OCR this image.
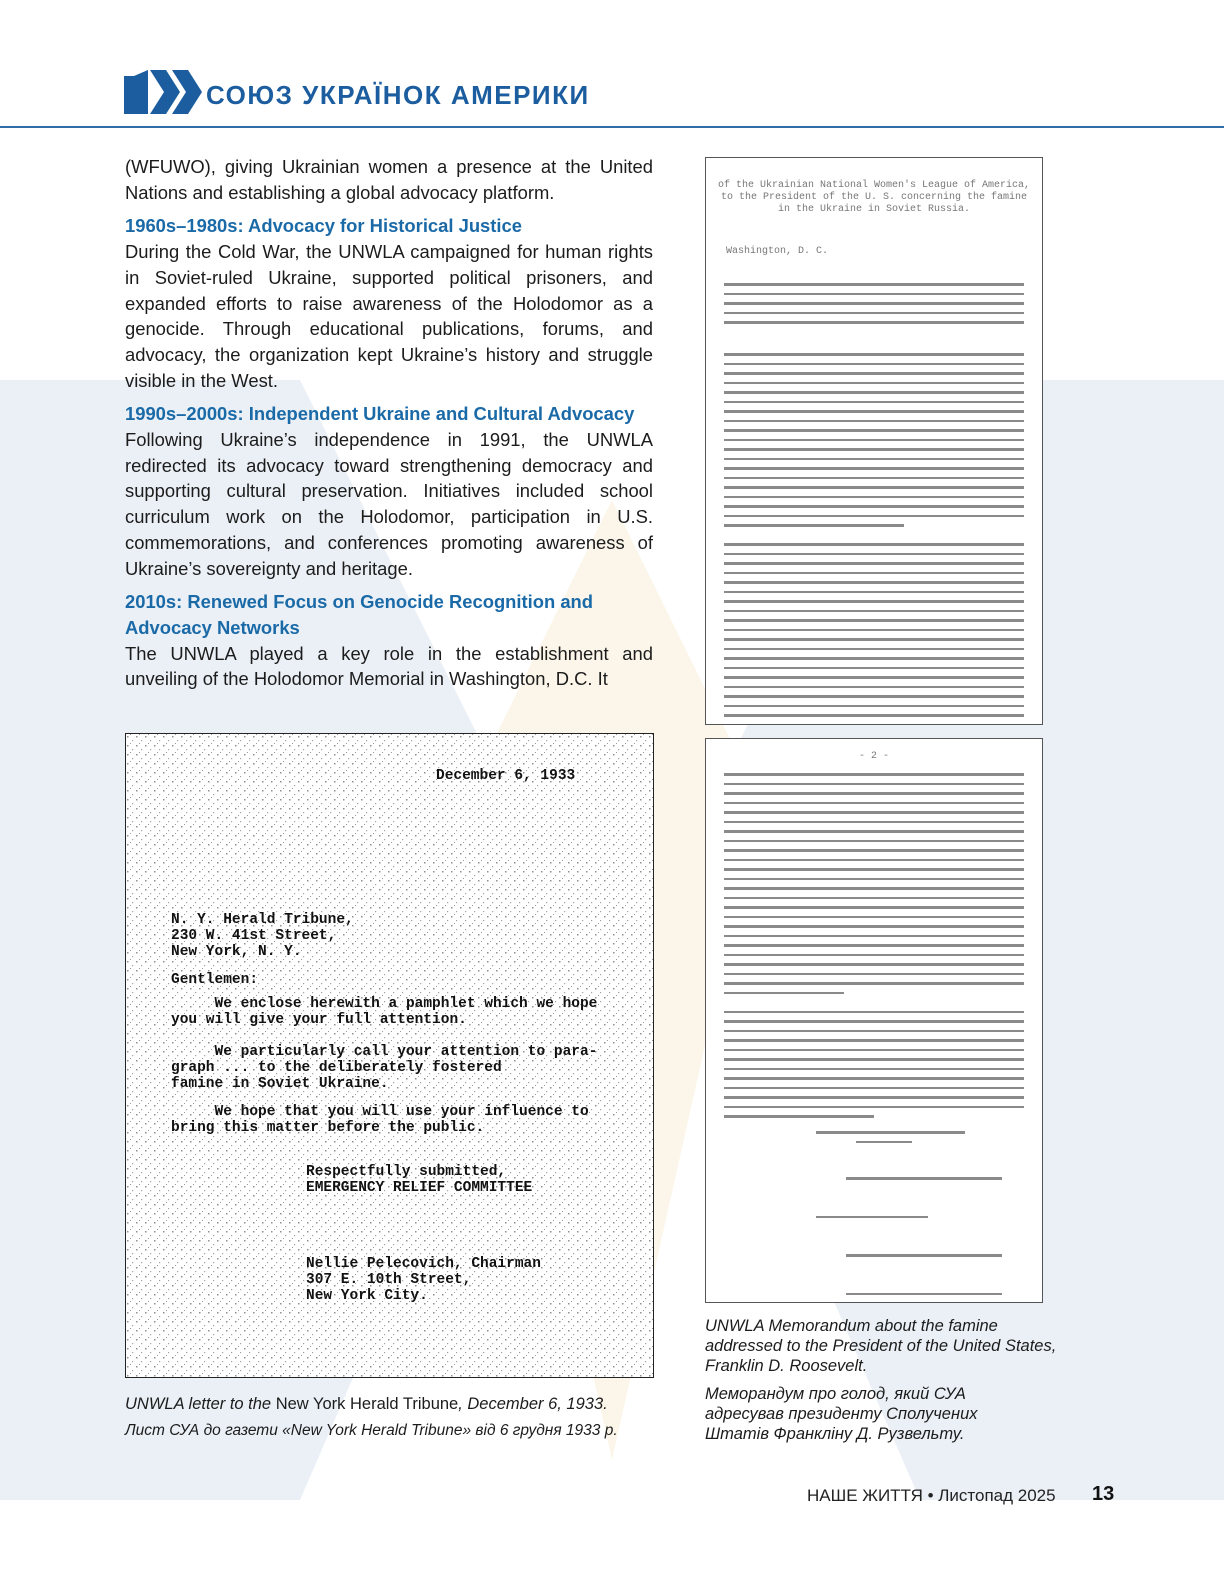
СОЮЗ УКРАЇНОК АМЕРИКИ

(WFUWO), giving Ukrainian women a presence at the United Nations and establishing a global advocacy platform.

1960s–1980s: Advocacy for Historical Justice

During the Cold War, the UNWLA campaigned for human rights in Soviet-ruled Ukraine, supported political prisoners, and expanded efforts to raise awareness of the Holodomor as a genocide. Through educational publications, forums, and advocacy, the organization kept Ukraine’s history and struggle visible in the West.

1990s–2000s: Independent Ukraine and Cultural Advocacy

Following Ukraine’s independence in 1991, the UNWLA redirected its advocacy toward strengthening democracy and supporting cultural preservation. Initiatives included school curriculum work on the Holodomor, participation in U.S. commemorations, and conferences promoting awareness of Ukraine’s sovereignty and heritage.

2010s: Renewed Focus on Genocide Recognition and Advocacy Networks

The UNWLA played a key role in the establishment and unveiling of the Holodomor Memorial in Washington, D.C. It

of the Ukrainian National Women's League of America,
to the President of the U. S. concerning the famine
in the Ukraine in Soviet Russia.
Washington, D. C.
- 2 -
December 6, 1933
N. Y. Herald Tribune,
230 W. 41st Street,
New York, N. Y.
Gentlemen:
We enclose herewith a pamphlet which we hope
you will give your full attention.
We particularly call your attention to para-
graph ... to the deliberately fostered
famine in Soviet Ukraine.
We hope that you will use your influence to
bring this matter before the public.
Respectfully submitted,
EMERGENCY RELIEF COMMITTEE
Nellie Pelecovich, Chairman
307 E. 10th Street,
New York City.
UNWLA Memorandum about the famine addressed to the President of the United States, Franklin D. Roosevelt.
Меморандум про голод, який СУА адресував президенту Сполучених Штатів Франкліну Д. Рузвельту.
UNWLA letter to the New York Herald Tribune, December 6, 1933.
Лист СУА до газети «New York Herald Tribune» від 6 грудня 1933 р.
НАШЕ ЖИТТЯ • Листопад 2025 13
